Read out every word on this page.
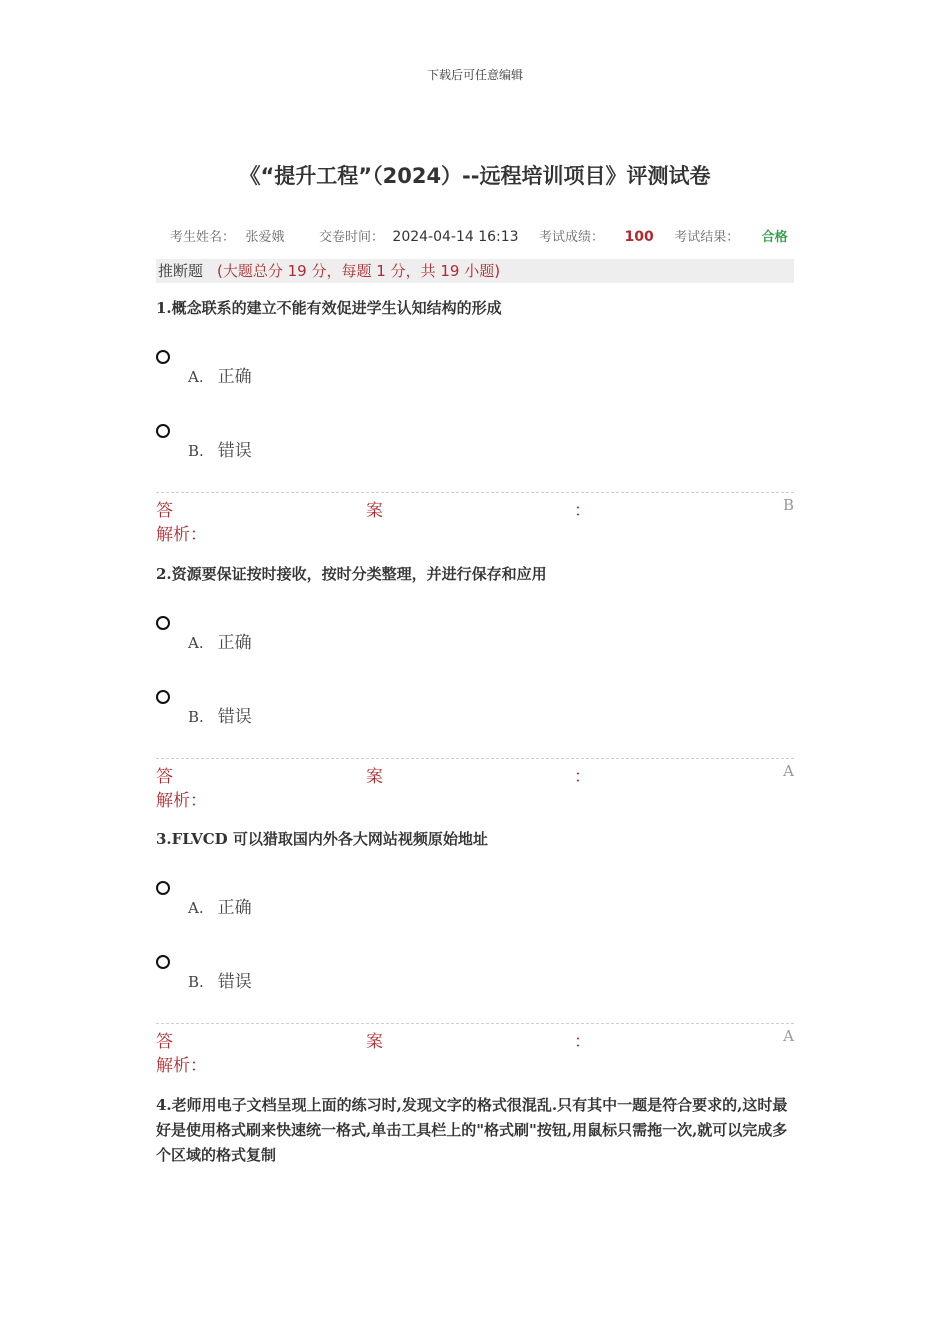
下载后可任意编辑
《“提升工程”（2024）--远程培训项目》评测试卷
考生姓名： 张爱娥	交卷时间： 2024-04-14 16:13 考试成绩： 100 考试结果： 合格
推断题 (大题总分 19 分，每题 1 分，共 19 小题)
1.概念联系的建立不能有效促进学生认知结构的形成
A. 正确
B. 错误
答	案	：	B
解析：
2.资源要保证按时接收，按时分类整理，并进行保存和应用
A. 正确
B. 错误
答	案	：	A
解析：
3.FLVCD 可以猎取国内外各大网站视频原始地址
A. 正确
B. 错误
答	案	：	A
解析：
4.老师用电子文档呈现上面的练习时,发现文字的格式很混乱.只有其中一题是符合要求的,这时最好是使用格式刷来快速统一格式,单击工具栏上的"格式刷"按钮,用鼠标只需拖一次,就可以完成多个区域的格式复制
